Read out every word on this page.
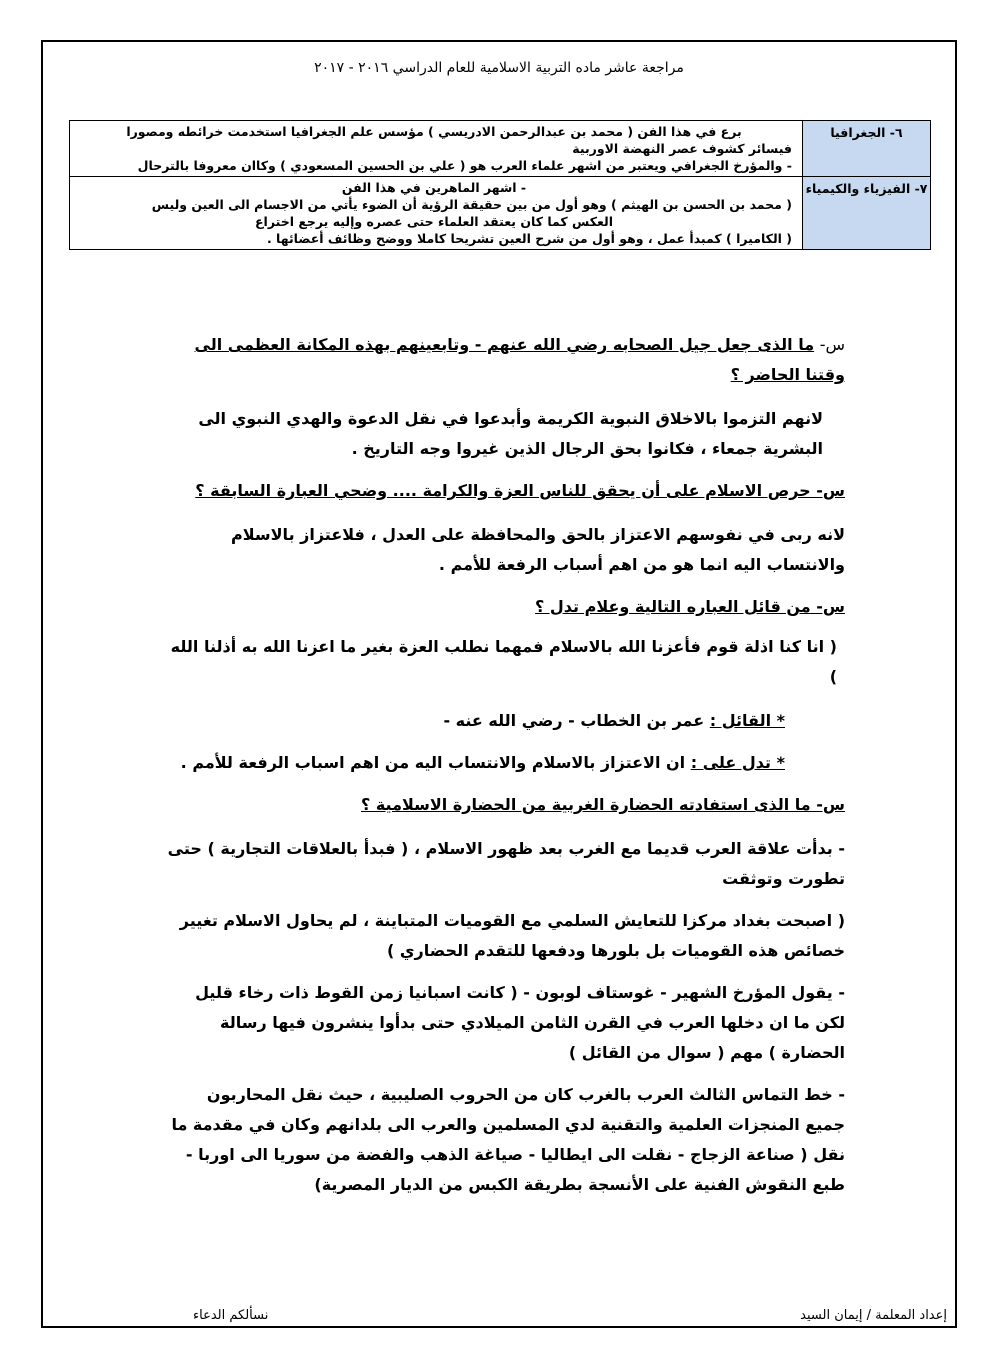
مراجعة عاشر ماده التربية الاسلامية للعام الدراسي ٢٠١٦ - ٢٠١٧
٦- الجغرافيا	برع في هذا الفن ( محمد بن عبدالرحمن الادريسي ) مؤسس علم الجغرافيا استخدمت خرائطه ومصورا
فيسائر كشوف عصر النهضة الاوربية
- والمؤرخ الجغرافي ويعتبر من اشهر علماء العرب هو ( علي بن الحسين المسعودي ) وكاان معروفا بالترحال

٧- الفيزياء والكيمياء	- اشهر الماهرين في هذا الفن
( محمد بن الحسن بن الهيثم ) وهو أول من بين حقيقة الرؤية أن الضوء يأتي من الاجسام الى العين وليس
العكس كما كان يعتقد العلماء حتى عصره وإليه يرجع اختراع
( الكاميرا ) كمبدأ عمل ، وهو أول من شرح العين تشريحا كاملا ووضح وظائف أعضائها .

س- ما الذى جعل جيل الصحابه رضي الله عنهم - وتابعينهم بهذه المكانة العظمى الى وقتنا الحاضر ؟

لانهم التزموا بالاخلاق النبوية الكريمة وأبدعوا في نقل الدعوة والهدي النبوي الى البشرية جمعاء ، فكانوا بحق الرجال الذين غيروا وجه التاريخ .

س- حرص الاسلام على أن يحقق للناس العزة والكرامة .... وضحي العبارة السابقة ؟

لانه ربى في نفوسهم الاعتزاز بالحق والمحافظة على العدل ، فلاعتزاز بالاسلام والانتساب اليه انما هو من اهم أسباب الرفعة للأمم .

س- من قائل العباره التالية وعلام تدل ؟

( انا كنا اذلة قوم فأعزنا الله بالاسلام فمهما نطلب العزة بغير ما اعزنا الله به أذلنا الله )

* القائل : عمر بن الخطاب - رضي الله عنه -

* تدل على : ان الاعتزاز بالاسلام والانتساب اليه من اهم اسباب الرفعة للأمم .

س- ما الذى استفادته الحضارة الغربية من الحضارة الاسلامية ؟

- بدأت علاقة العرب قديما مع الغرب بعد ظهور الاسلام ، ( فبدأ بالعلاقات التجارية ) حتى تطورت وتوثقت

( اصبحت بغداد مركزا للتعايش السلمي مع القوميات المتباينة ، لم يحاول الاسلام تغيير خصائص هذه القوميات بل بلورها ودفعها للتقدم الحضاري )

- يقول المؤرخ الشهير - غوستاف لوبون - ( كانت اسبانيا زمن القوط ذات رخاء قليل لكن ما ان دخلها العرب في القرن الثامن الميلادي حتى بدأوا ينشرون فيها رسالة الحضارة ) مهم ( سوال من القائل )

- خط التماس الثالث العرب بالغرب كان من الحروب الصليبية ، حيث نقل المحاربون جميع المنجزات العلمية والتقنية لدي المسلمين والعرب الى بلدانهم وكان في مقدمة ما نقل ( صناعة الزجاج - نقلت الى ايطاليا - صياغة الذهب والفضة من سوريا الى اوربا - طبع النقوش الفنية على الأنسجة بطريقة الكبس من الديار المصرية)

إعداد المعلمة / إيمان السيد
نسألكم الدعاء
